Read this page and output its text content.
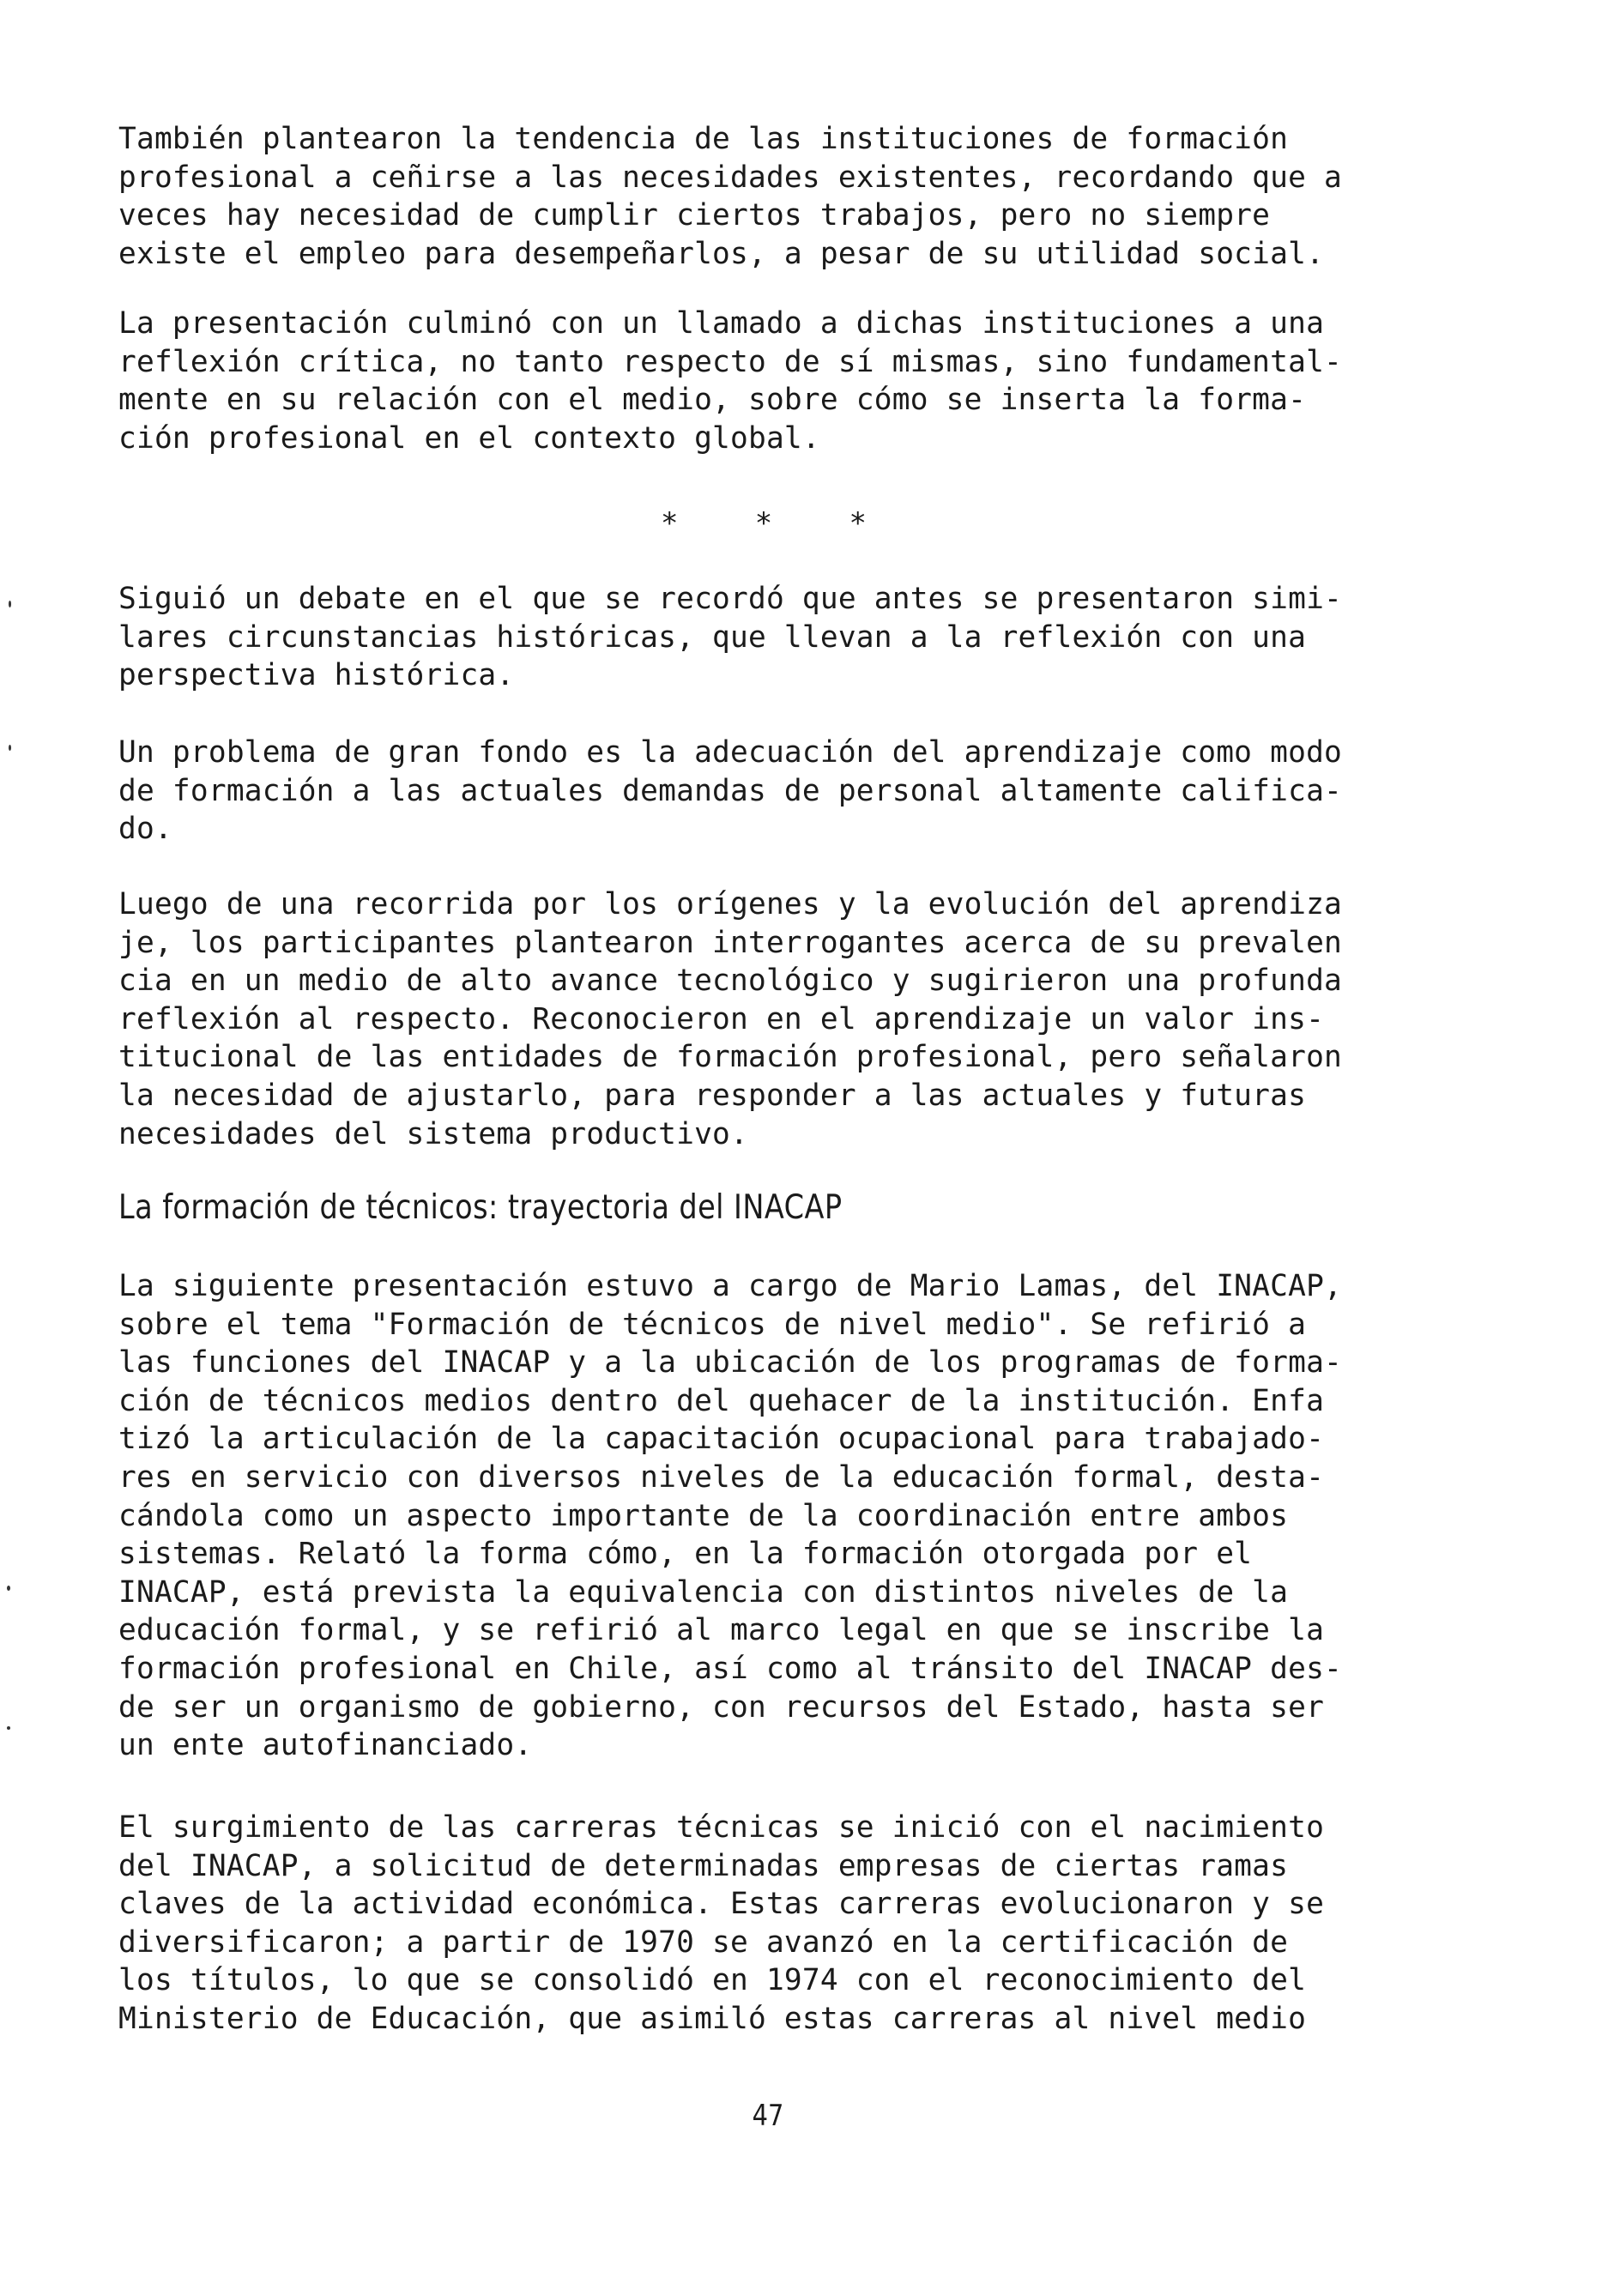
También plantearon la tendencia de las instituciones de formación
profesional a ceñirse a las necesidades existentes, recordando que a
veces hay necesidad de cumplir ciertos trabajos, pero no siempre
existe el empleo para desempeñarlos, a pesar de su utilidad social.
La presentación culminó con un llamado a dichas instituciones a una
reflexión crítica, no tanto respecto de sí mismas, sino fundamental-
mente en su relación con el medio, sobre cómo se inserta la forma-
ción profesional en el contexto global.
*	*	*
Siguió un debate en el que se recordó que antes se presentaron simi-
lares circunstancias históricas, que llevan a la reflexión con una
perspectiva histórica.
Un problema de gran fondo es la adecuación del aprendizaje como modo
de formación a las actuales demandas de personal altamente califica-
do.
Luego de una recorrida por los orígenes y la evolución del aprendiza
je, los participantes plantearon interrogantes acerca de su prevalen
cia en un medio de alto avance tecnológico y sugirieron una profunda
reflexión al respecto. Reconocieron en el aprendizaje un valor ins-
titucional de las entidades de formación profesional, pero señalaron
la necesidad de ajustarlo, para responder a las actuales y futuras
necesidades del sistema productivo.
La formación de técnicos: trayectoria del INACAP
La siguiente presentación estuvo a cargo de Mario Lamas, del INACAP,
sobre el tema "Formación de técnicos de nivel medio". Se refirió a
las funciones del INACAP y a la ubicación de los programas de forma-
ción de técnicos medios dentro del quehacer de la institución. Enfa
tizó la articulación de la capacitación ocupacional para trabajado-
res en servicio con diversos niveles de la educación formal, desta-
cándola como un aspecto importante de la coordinación entre ambos
sistemas. Relató la forma cómo, en la formación otorgada por el
INACAP, está prevista la equivalencia con distintos niveles de la
educación formal, y se refirió al marco legal en que se inscribe la
formación profesional en Chile, así como al tránsito del INACAP des-
de ser un organismo de gobierno, con recursos del Estado, hasta ser
un ente autofinanciado.
El surgimiento de las carreras técnicas se inició con el nacimiento
del INACAP, a solicitud de determinadas empresas de ciertas ramas
claves de la actividad económica. Estas carreras evolucionaron y se
diversificaron; a partir de 1970 se avanzó en la certificación de
los títulos, lo que se consolidó en 1974 con el reconocimiento del
Ministerio de Educación, que asimiló estas carreras al nivel medio
47
